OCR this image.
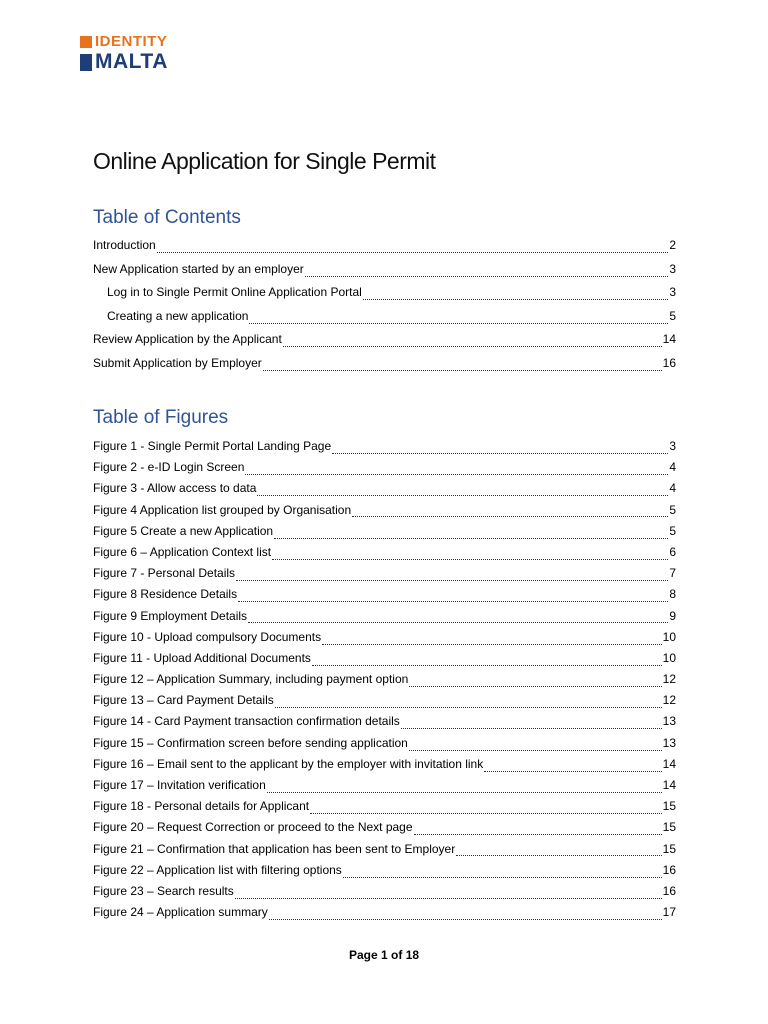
IDENTITY
MALTA
Online Application for Single Permit
Table of Contents
Introduction	2
New Application started by an employer	3
Log in to Single Permit Online Application Portal	3
Creating a new application	5
Review Application by the Applicant	14
Submit Application by Employer	16
Table of Figures
Figure 1 - Single Permit Portal Landing Page	3
Figure 2 - e-ID Login Screen	4
Figure 3 - Allow access to data	4
Figure 4 Application list grouped by Organisation	5
Figure 5 Create a new Application	5
Figure 6 – Application Context list	6
Figure 7 - Personal Details	7
Figure 8 Residence Details	8
Figure 9 Employment Details	9
Figure 10 - Upload compulsory Documents	10
Figure 11 - Upload Additional Documents	10
Figure 12 – Application Summary, including payment option	12
Figure 13 – Card Payment Details	12
Figure 14 - Card Payment transaction confirmation details	13
Figure 15 – Confirmation screen before sending application	13
Figure 16 – Email sent to the applicant by the employer with invitation link	14
Figure 17 – Invitation verification	14
Figure 18 - Personal details for Applicant	15
Figure 20 – Request Correction or proceed to the Next page	15
Figure 21 – Confirmation that application has been sent to Employer	15
Figure 22 – Application list with filtering options	16
Figure 23 – Search results	16
Figure 24 – Application summary	17
Page 1 of 18
